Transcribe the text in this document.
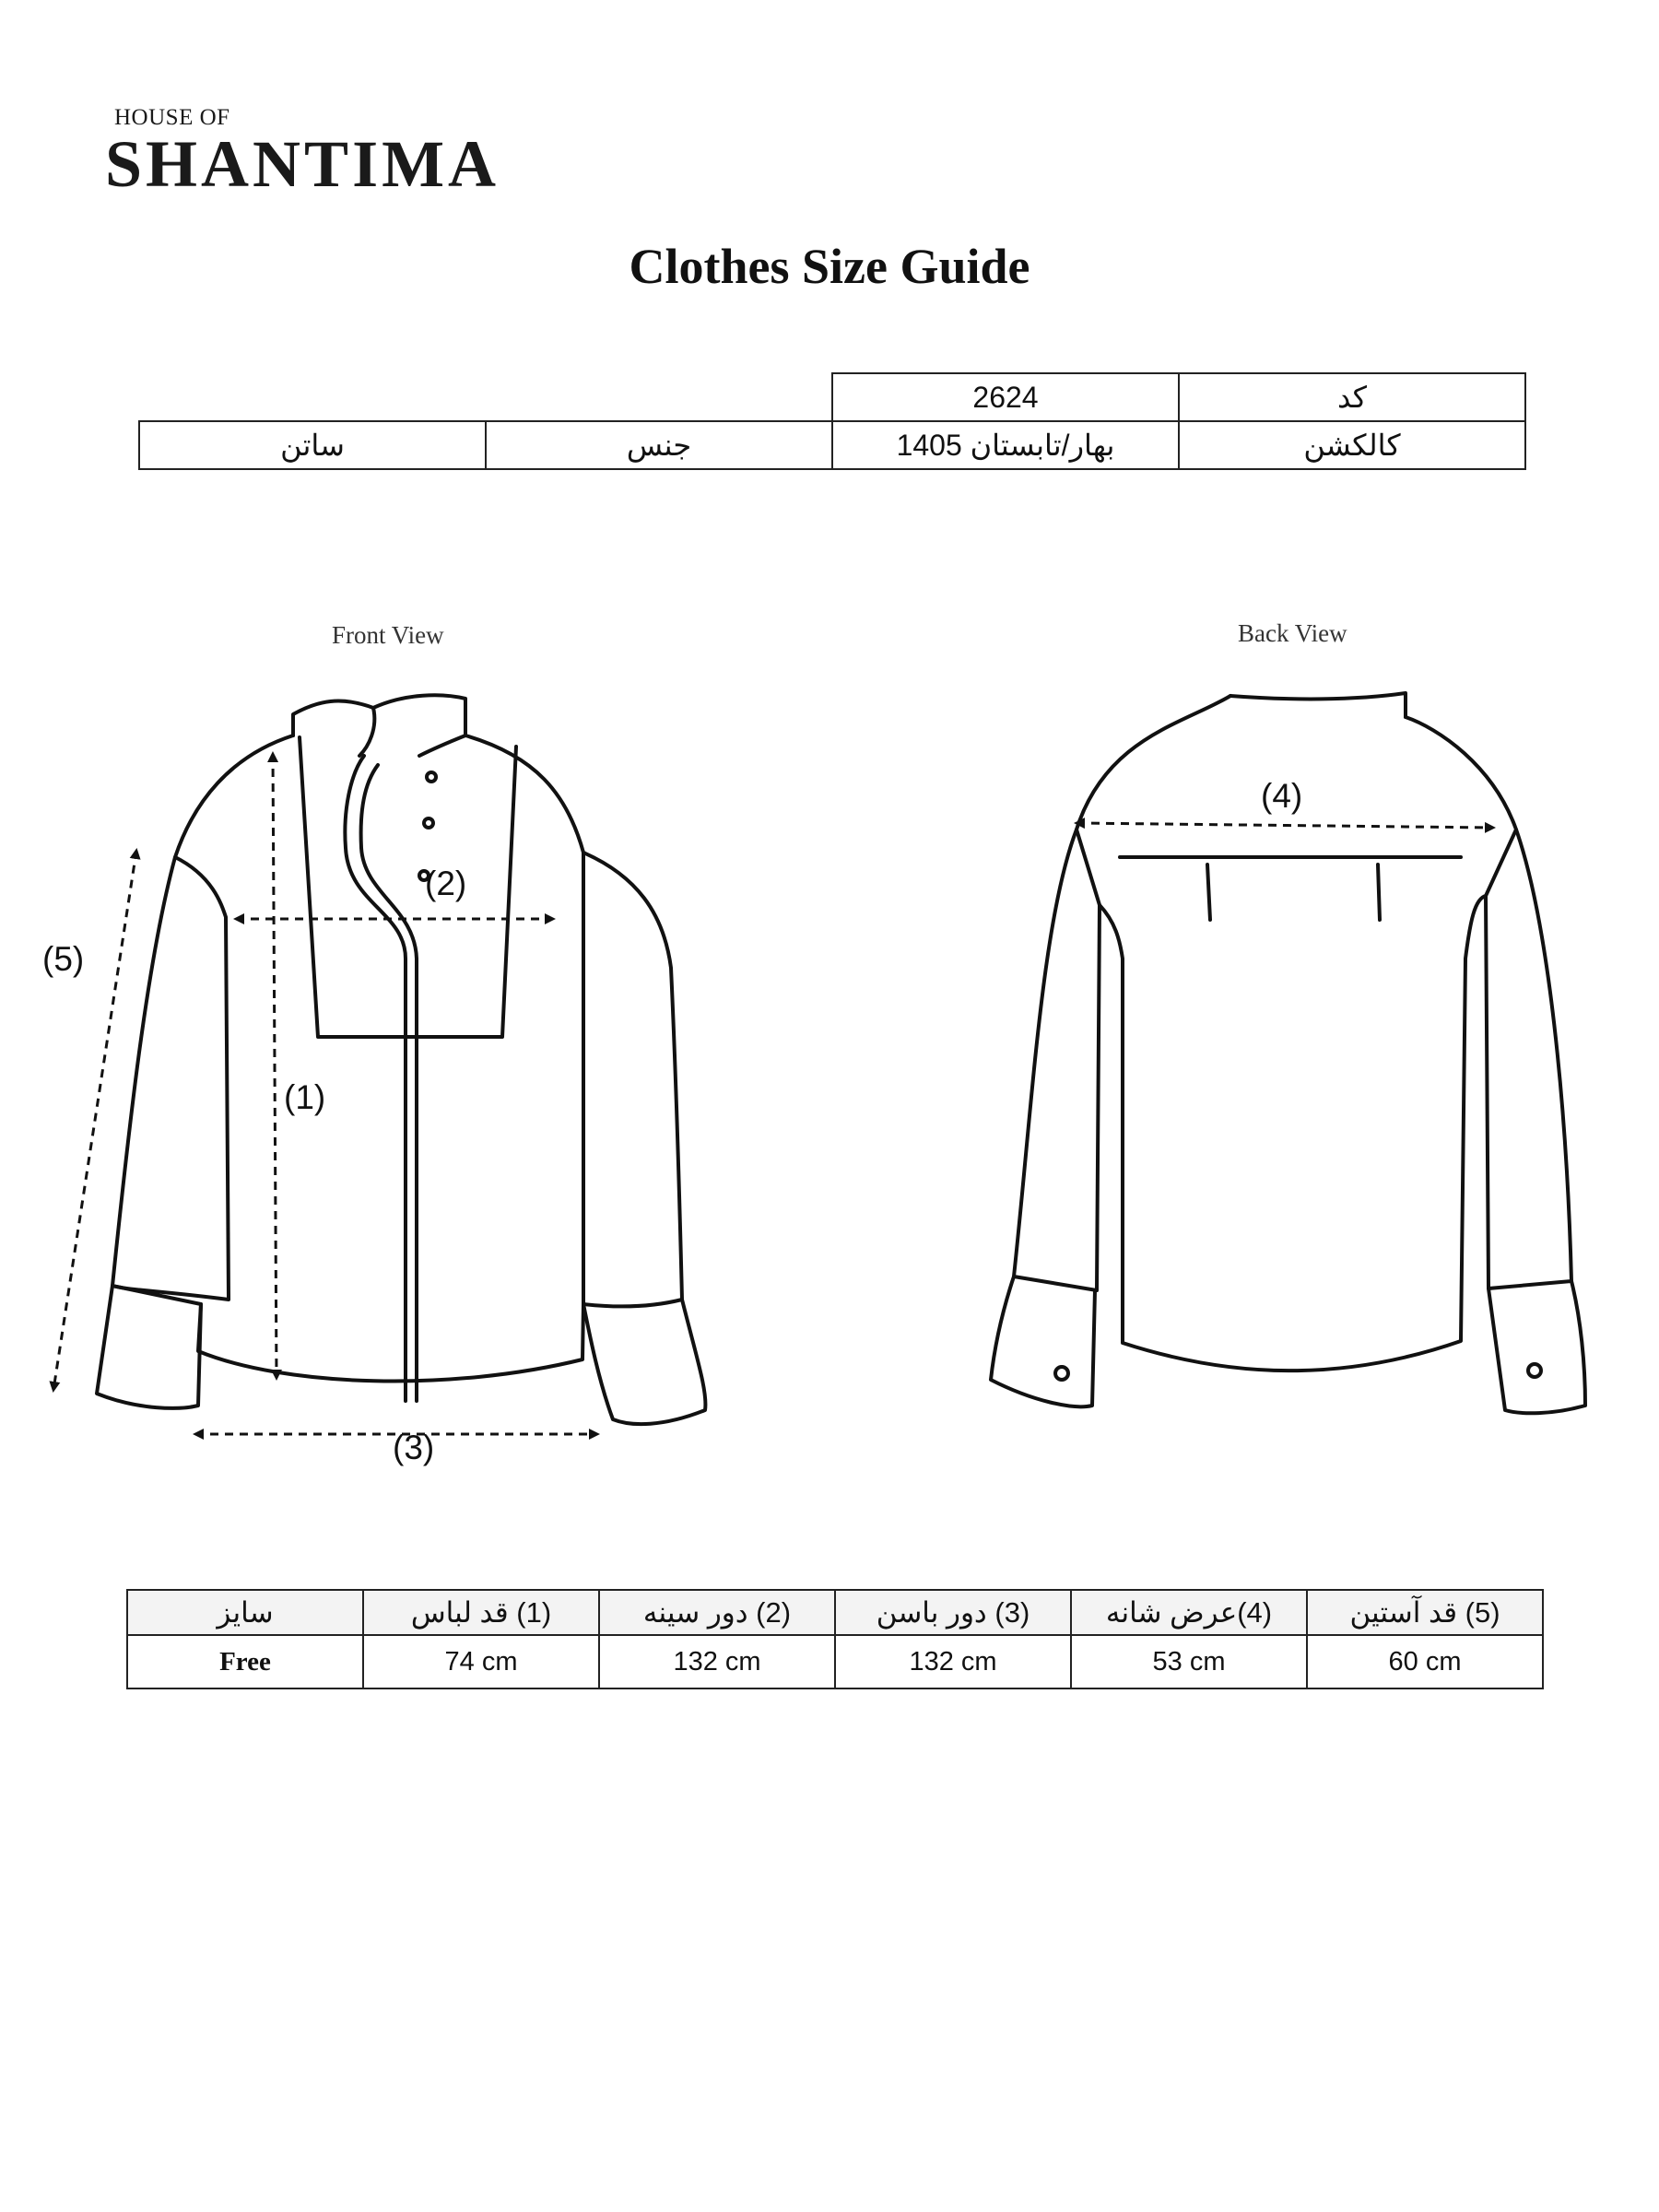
HOUSE OF
SHANTIMA
Clothes Size Guide
		2624	کد
ساتن	جنس	بهار/تابستان 1405	کالکشن
Front View	Back View
(2)
(1)
(3)
(5)
(4)
سایز	(1) قد لباس	(2) دور سینه	(3) دور باسن	(4)عرض شانه	(5) قد آستین
Free	74 cm	132 cm	132 cm	53 cm	60 cm
